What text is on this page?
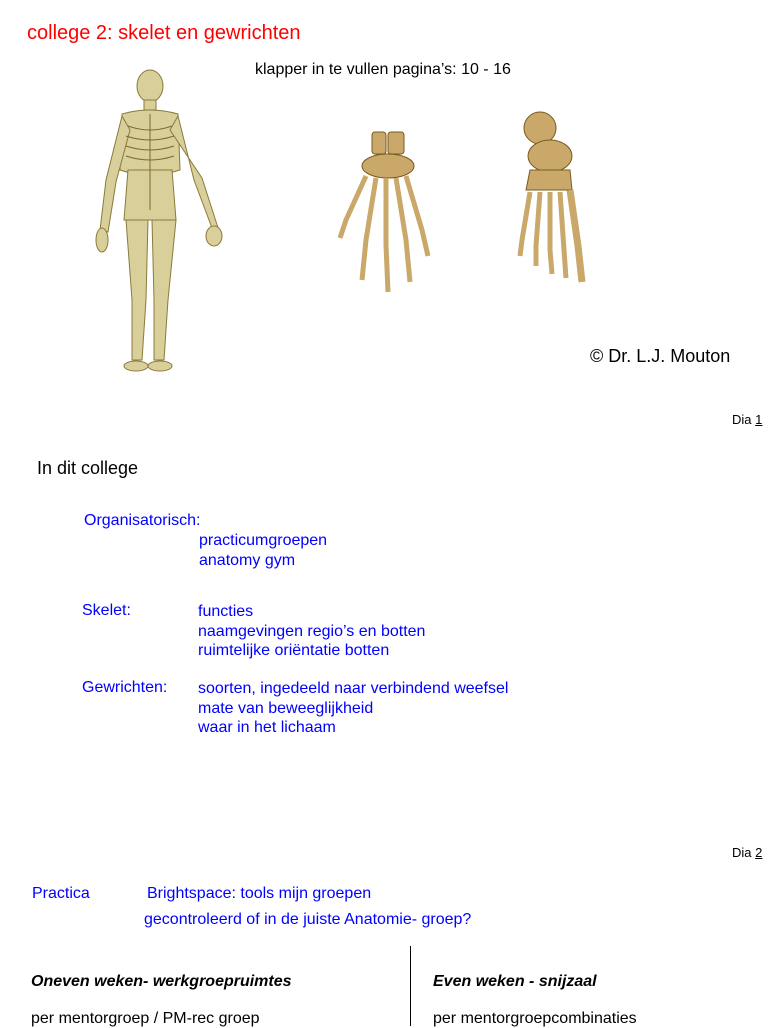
college 2: skelet en gewrichten
klapper in te vullen pagina’s: 10 - 16
© Dr. L.J. Mouton
Dia 1
In dit college
Organisatorisch:
practicumgroepen
anatomy gym
Skelet:	functies
naamgevingen regio’s en botten
ruimtelijke oriëntatie botten
Gewrichten: soorten, ingedeeld naar verbindend weefsel
mate van beweeglijkheid
waar in het lichaam
Dia 2
Practica	Brightspace: tools mijn groepen
gecontroleerd of in de juiste Anatomie- groep?
Oneven weken- werkgroepruimtes
per mentorgroep / PM-rec groep
Even weken - snijzaal
per mentorgroepcombinaties
